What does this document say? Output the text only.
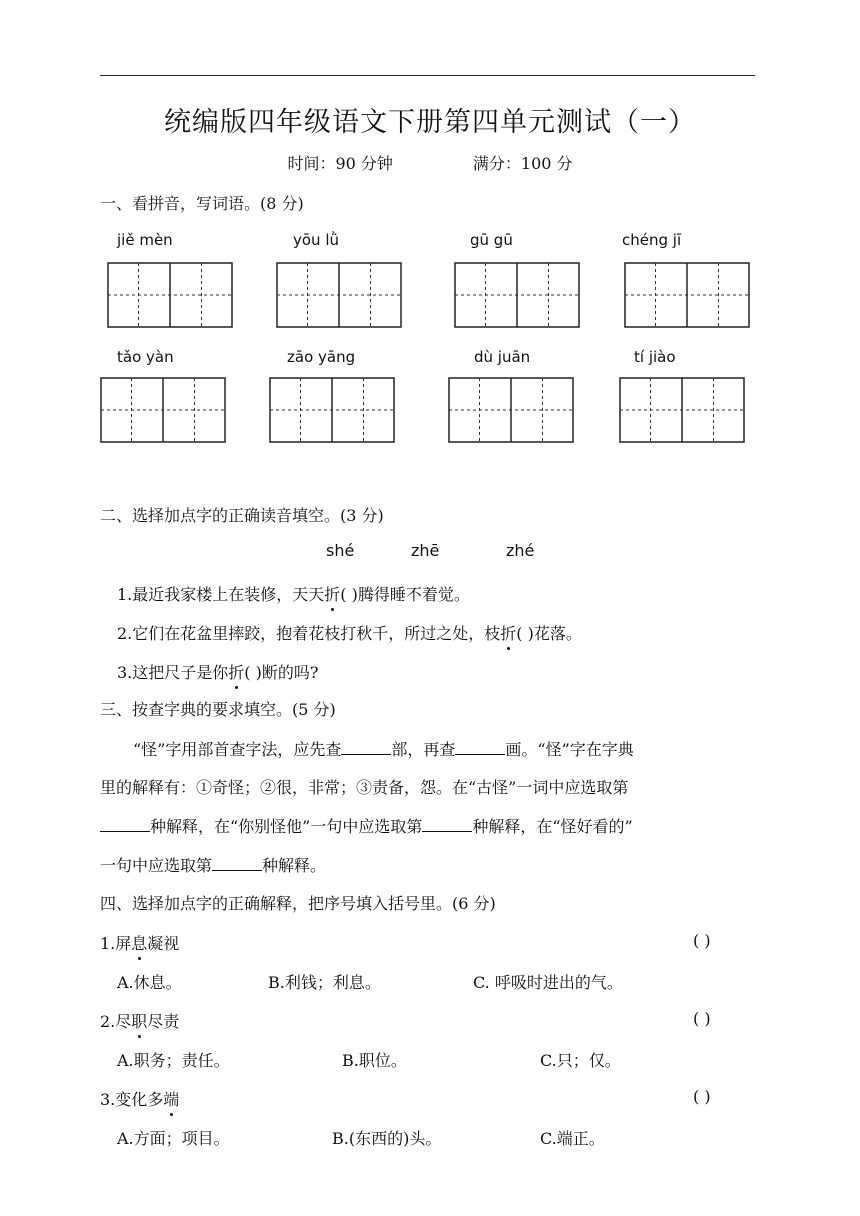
统编版四年级语文下册第四单元测试（一）
时间：90 分钟	满分：100 分
一、看拼音，写词语。(8 分)
jiě mèn	yōu lǜ	gū gū	chéng jī
tǎo yàn	zāo yāng	dù juān	tí jiào
二、选择加点字的正确读音填空。(3 分)
shé	zhē	zhé
1.最近我家楼上在装修，天天折( )腾得睡不着觉。
2.它们在花盆里摔跤，抱着花枝打秋千，所过之处，枝折( )花落。
3.这把尺子是你折( )断的吗?
三、按查字典的要求填空。(5 分)
“怪”字用部首查字法，应先查	部，再查	画。“怪”字在字典
里的解释有：①奇怪；②很，非常；③责备，怨。在“古怪”一词中应选取第
种解释，在“你别怪他”一句中应选取第	种解释，在“怪好看的”
一句中应选取第	种解释。
四、选择加点字的正确解释，把序号填入括号里。(6 分)
1.屏息凝视	( )
A.休息。	B.利钱；利息。	C. 呼吸时进出的气。
2.尽职尽责	( )
A.职务；责任。	B.职位。	C.只；仅。
3.变化多端	( )
A.方面；项目。	B.(东西的)头。	C.端正。
